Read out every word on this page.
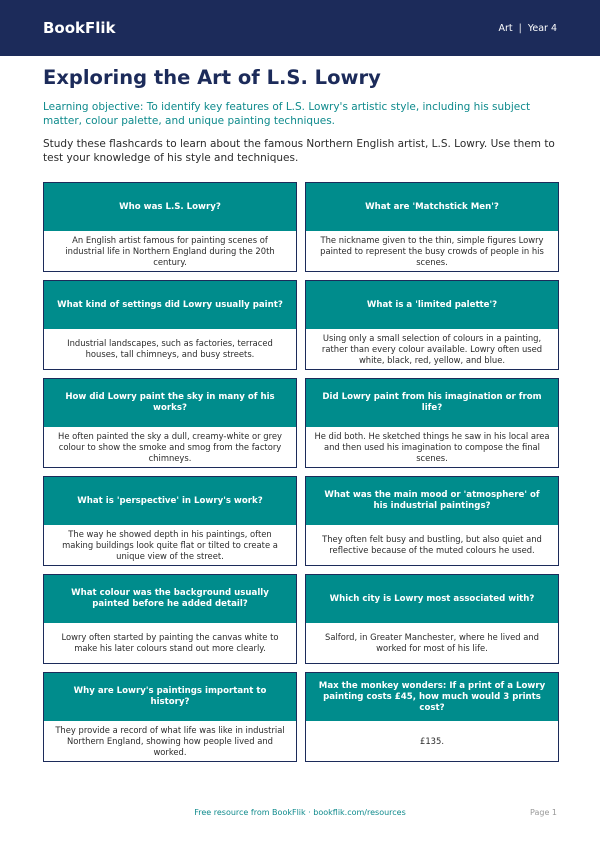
BookFlik	Art | Year 4
Exploring the Art of L.S. Lowry

Learning objective: To identify key features of L.S. Lowry's artistic style, including his subject matter, colour palette, and unique painting techniques.

Study these flashcards to learn about the famous Northern English artist, L.S. Lowry. Use them to test your knowledge of his style and techniques.

Who was L.S. Lowry?
An English artist famous for painting scenes of industrial life in Northern England during the 20th century.
What are 'Matchstick Men'?
The nickname given to the thin, simple figures Lowry painted to represent the busy crowds of people in his scenes.
What kind of settings did Lowry usually paint?
Industrial landscapes, such as factories, terraced houses, tall chimneys, and busy streets.
What is a 'limited palette'?
Using only a small selection of colours in a painting, rather than every colour available. Lowry often used white, black, red, yellow, and blue.
How did Lowry paint the sky in many of his works?
He often painted the sky a dull, creamy-white or grey colour to show the smoke and smog from the factory chimneys.
Did Lowry paint from his imagination or from life?
He did both. He sketched things he saw in his local area and then used his imagination to compose the final scenes.
What is 'perspective' in Lowry's work?
The way he showed depth in his paintings, often making buildings look quite flat or tilted to create a unique view of the street.
What was the main mood or 'atmosphere' of his industrial paintings?
They often felt busy and bustling, but also quiet and reflective because of the muted colours he used.
What colour was the background usually painted before he added detail?
Lowry often started by painting the canvas white to make his later colours stand out more clearly.
Which city is Lowry most associated with?
Salford, in Greater Manchester, where he lived and worked for most of his life.
Why are Lowry's paintings important to history?
They provide a record of what life was like in industrial Northern England, showing how people lived and worked.
Max the monkey wonders: If a print of a Lowry painting costs £45, how much would 3 prints cost?
£135.
Free resource from BookFlik · bookflik.com/resources	Page 1
